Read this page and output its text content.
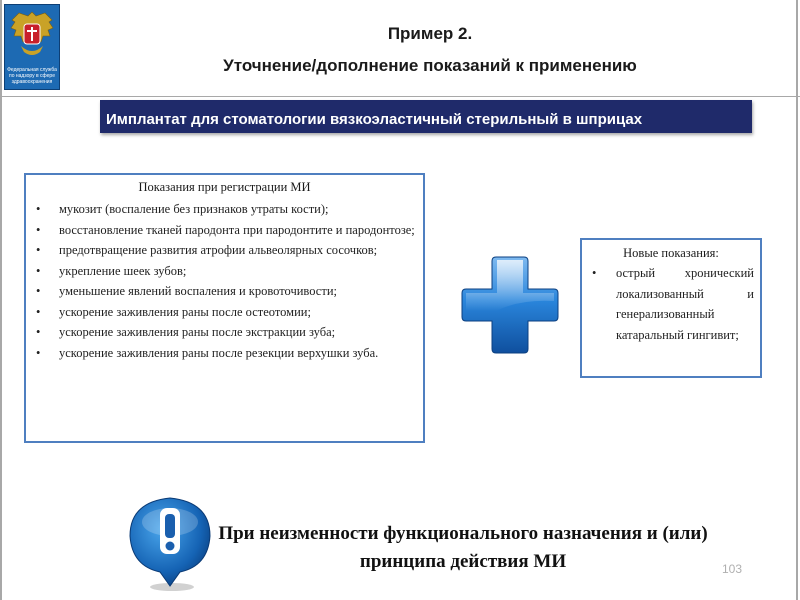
Федеральная служба по надзору в сфере здравоохранения
Пример 2.
Уточнение/дополнение показаний к применению
Имплантат для стоматологии вязкоэластичный стерильный в шприцах
Показания при регистрации МИ
• мукозит (воспаление без признаков утраты кости);
• восстановление тканей пародонта при пародонтите и пародонтозе;
• предотвращение развития атрофии альвеолярных сосочков;
• укрепление шеек зубов;
• уменьшение явлений воспаления и кровоточивости;
• ускорение заживления раны после остеотомии;
• ускорение заживления раны после экстракции зуба;
• ускорение заживления раны после резекции верхушки зуба.
Новые показания:
• острый хронический локализованный и генерализованный катаральный гингивит;
При неизменности функционального назначения и (или) принципа действия МИ	103
